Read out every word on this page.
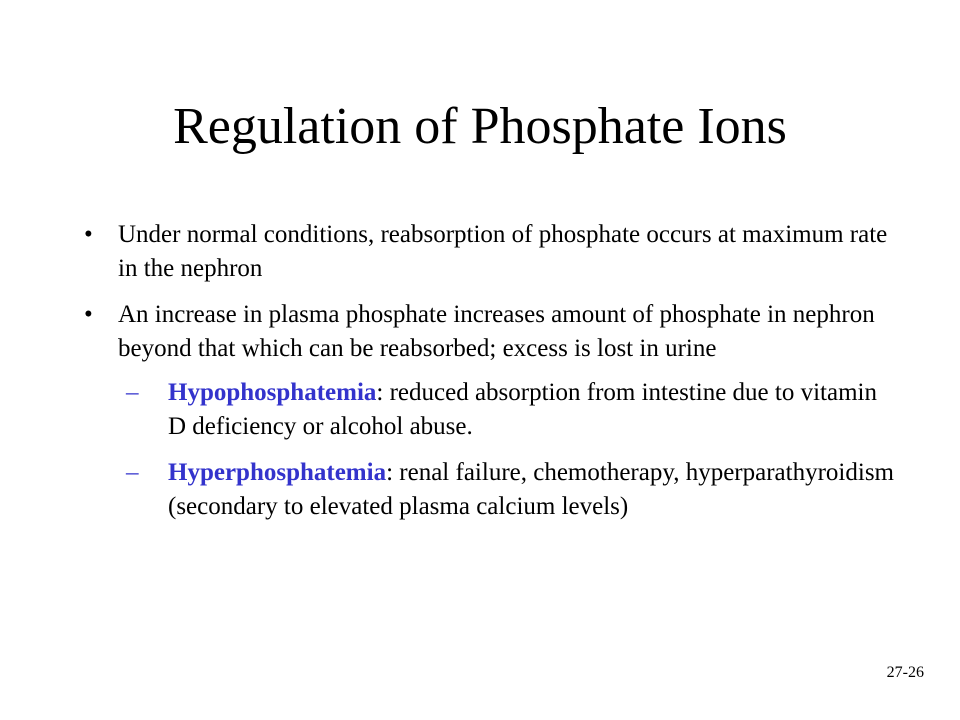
Regulation of Phosphate Ions
• Under normal conditions, reabsorption of phosphate occurs at maximum rate in the nephron
• An increase in plasma phosphate increases amount of phosphate in nephron beyond that which can be reabsorbed; excess is lost in urine
– Hypophosphatemia: reduced absorption from intestine due to vitamin D deficiency or alcohol abuse.
– Hyperphosphatemia: renal failure, chemotherapy, hyperparathyroidism (secondary to elevated plasma calcium levels)
27-26
